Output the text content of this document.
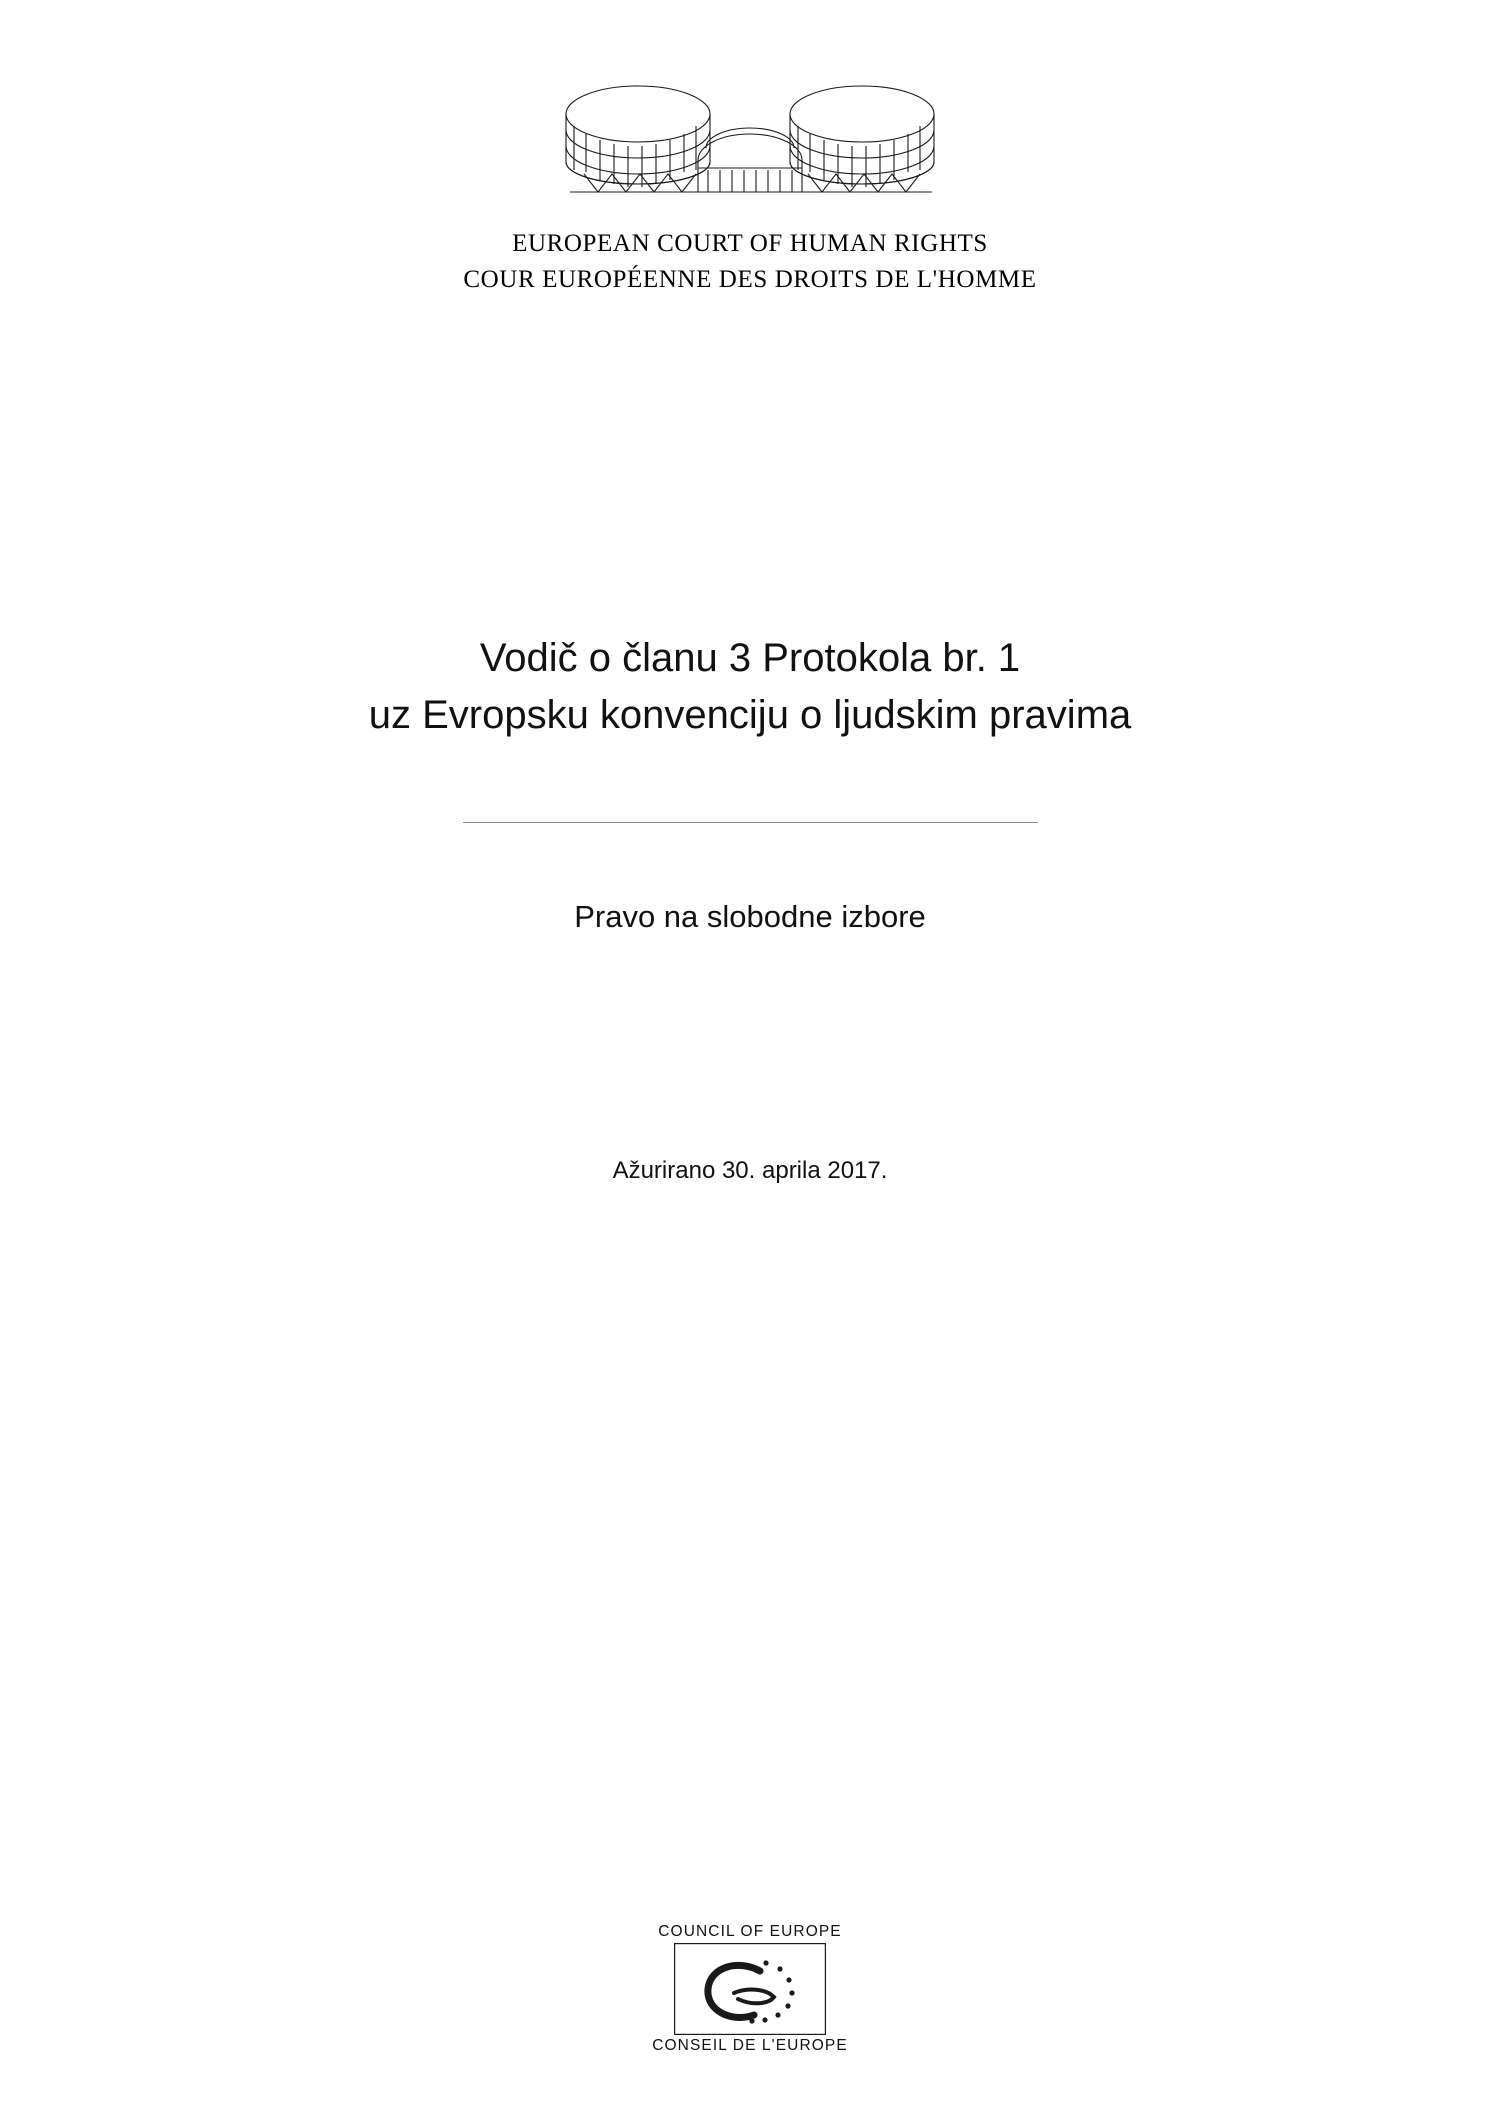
EUROPEAN COURT OF HUMAN RIGHTS
COUR EUROPÉENNE DES DROITS DE L'HOMME
Vodič o članu 3 Protokola br. 1
uz Evropsku konvenciju o ljudskim pravima
Pravo na slobodne izbore
Ažurirano 30. aprila 2017.
COUNCIL OF EUROPE
CONSEIL DE L'EUROPE
